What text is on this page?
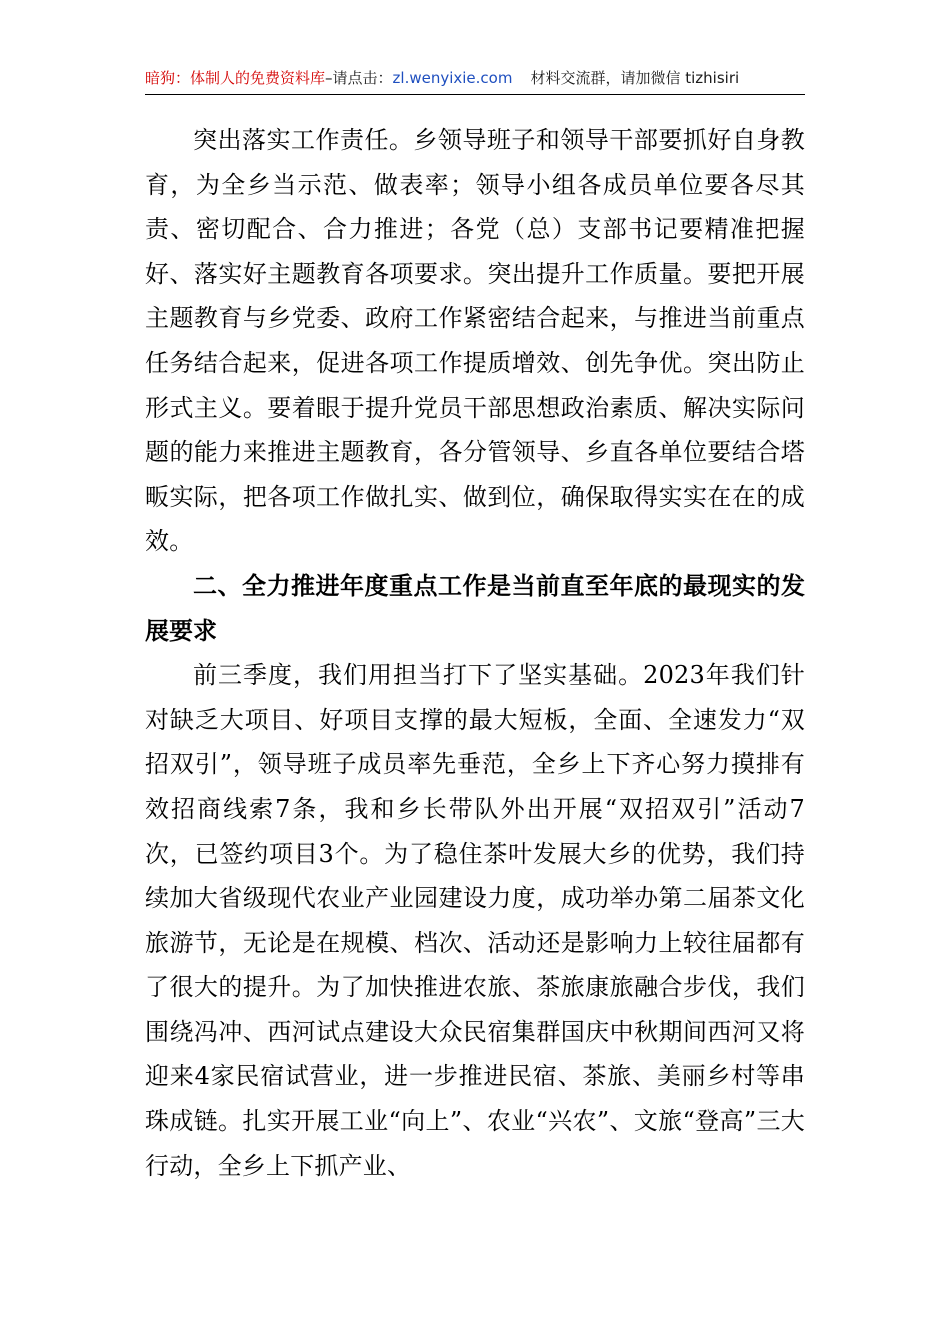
暗狗：体制人的免费资料库–请点击：zl.wenyixie.com 材料交流群，请加微信 tizhisiri

突出落实工作责任。乡领导班子和领导干部要抓好自身教育，为全乡当示范、做表率；领导小组各成员单位要各尽其责、密切配合、合力推进；各党（总）支部书记要精准把握好、落实好主题教育各项要求。突出提升工作质量。要把开展主题教育与乡党委、政府工作紧密结合起来，与推进当前重点任务结合起来，促进各项工作提质增效、创先争优。突出防止形式主义。要着眼于提升党员干部思想政治素质、解决实际问题的能力来推进主题教育，各分管领导、乡直各单位要结合塔畈实际，把各项工作做扎实、做到位，确保取得实实在在的成效。

二、全力推进年度重点工作是当前直至年底的最现实的发展要求

前三季度，我们用担当打下了坚实基础。2023年我们针对缺乏大项目、好项目支撑的最大短板，全面、全速发力“双招双引”，领导班子成员率先垂范，全乡上下齐心努力摸排有效招商线索7条，我和乡长带队外出开展“双招双引”活动7次，已签约项目3个。为了稳住茶叶发展大乡的优势，我们持续加大省级现代农业产业园建设力度，成功举办第二届茶文化旅游节，无论是在规模、档次、活动还是影响力上较往届都有了很大的提升。为了加快推进农旅、茶旅康旅融合步伐，我们围绕冯冲、西河试点建设大众民宿集群国庆中秋期间西河又将迎来4家民宿试营业，进一步推进民宿、茶旅、美丽乡村等串珠成链。扎实开展工业“向上”、农业“兴农”、文旅“登高”三大行动，全乡上下抓产业、
